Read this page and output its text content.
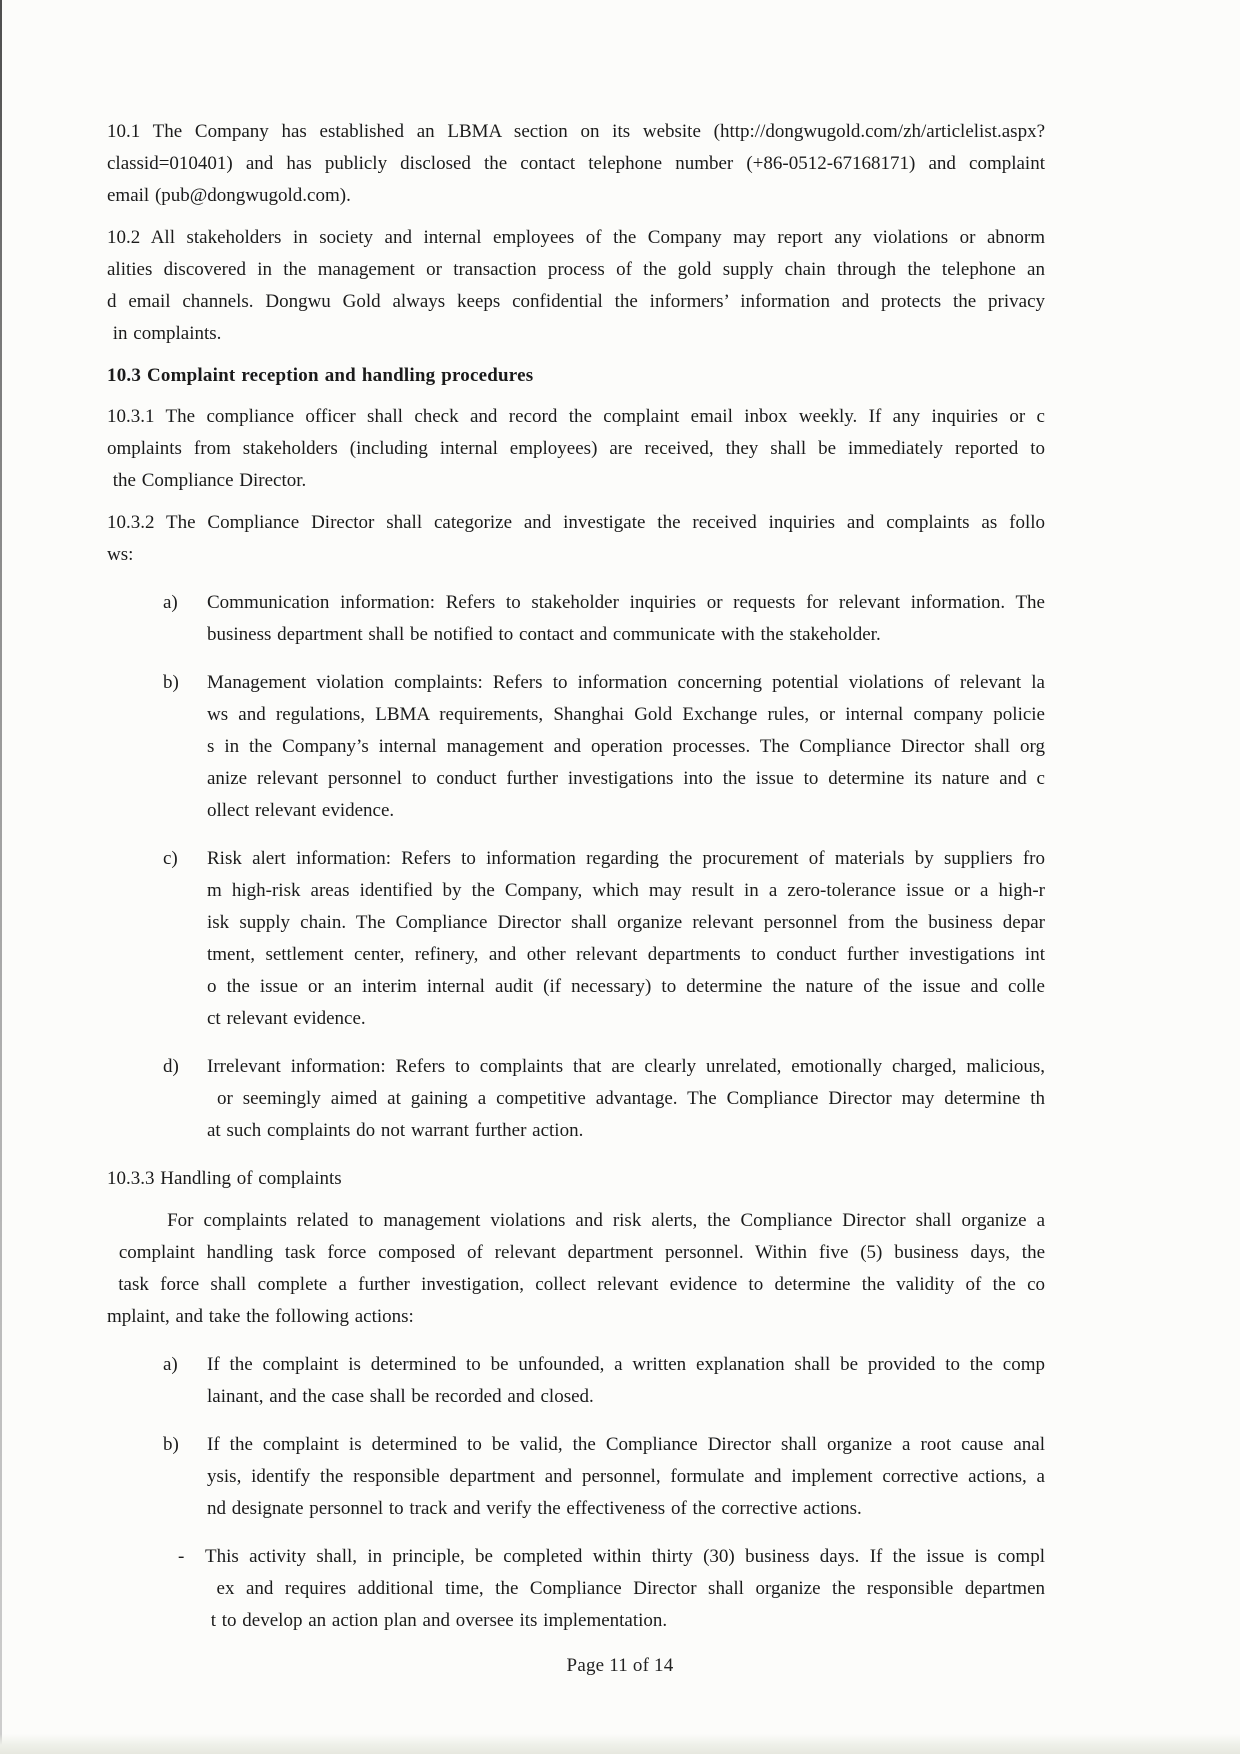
10.1 The Company has established an LBMA section on its website (http://dongwugold.com/zh/articlelist.aspx?
classid=010401) and has publicly disclosed the contact telephone number (+86-0512-67168171) and complaint
email (pub@dongwugold.com).
10.2 All stakeholders in society and internal employees of the Company may report any violations or abnorm
alities discovered in the management or transaction process of the gold supply chain through the telephone an
d email channels. Dongwu Gold always keeps confidential the informers’ information and protects the privacy
in complaints.
10.3 Complaint reception and handling procedures
10.3.1 The compliance officer shall check and record the complaint email inbox weekly. If any inquiries or c
omplaints from stakeholders (including internal employees) are received, they shall be immediately reported to
the Compliance Director.
10.3.2 The Compliance Director shall categorize and investigate the received inquiries and complaints as follo
ws:
a)	Communication information: Refers to stakeholder inquiries or requests for relevant information. The
business department shall be notified to contact and communicate with the stakeholder.
b)	Management violation complaints: Refers to information concerning potential violations of relevant la
ws and regulations, LBMA requirements, Shanghai Gold Exchange rules, or internal company policie
s in the Company’s internal management and operation processes. The Compliance Director shall org
anize relevant personnel to conduct further investigations into the issue to determine its nature and c
ollect relevant evidence.
c)	Risk alert information: Refers to information regarding the procurement of materials by suppliers fro
m high-risk areas identified by the Company, which may result in a zero-tolerance issue or a high-r
isk supply chain. The Compliance Director shall organize relevant personnel from the business depar
tment, settlement center, refinery, and other relevant departments to conduct further investigations int
o the issue or an interim internal audit (if necessary) to determine the nature of the issue and colle
ct relevant evidence.
d)	Irrelevant information: Refers to complaints that are clearly unrelated, emotionally charged, malicious,
or seemingly aimed at gaining a competitive advantage. The Compliance Director may determine th
at such complaints do not warrant further action.
10.3.3 Handling of complaints
For complaints related to management violations and risk alerts, the Compliance Director shall organize a
complaint handling task force composed of relevant department personnel. Within five (5) business days, the
task force shall complete a further investigation, collect relevant evidence to determine the validity of the co
mplaint, and take the following actions:
a)	If the complaint is determined to be unfounded, a written explanation shall be provided to the comp
lainant, and the case shall be recorded and closed.
b)	If the complaint is determined to be valid, the Compliance Director shall organize a root cause anal
ysis, identify the responsible department and personnel, formulate and implement corrective actions, a
nd designate personnel to track and verify the effectiveness of the corrective actions.
-	This activity shall, in principle, be completed within thirty (30) business days. If the issue is compl
ex and requires additional time, the Compliance Director shall organize the responsible departmen
t to develop an action plan and oversee its implementation.
Page 11 of 14
